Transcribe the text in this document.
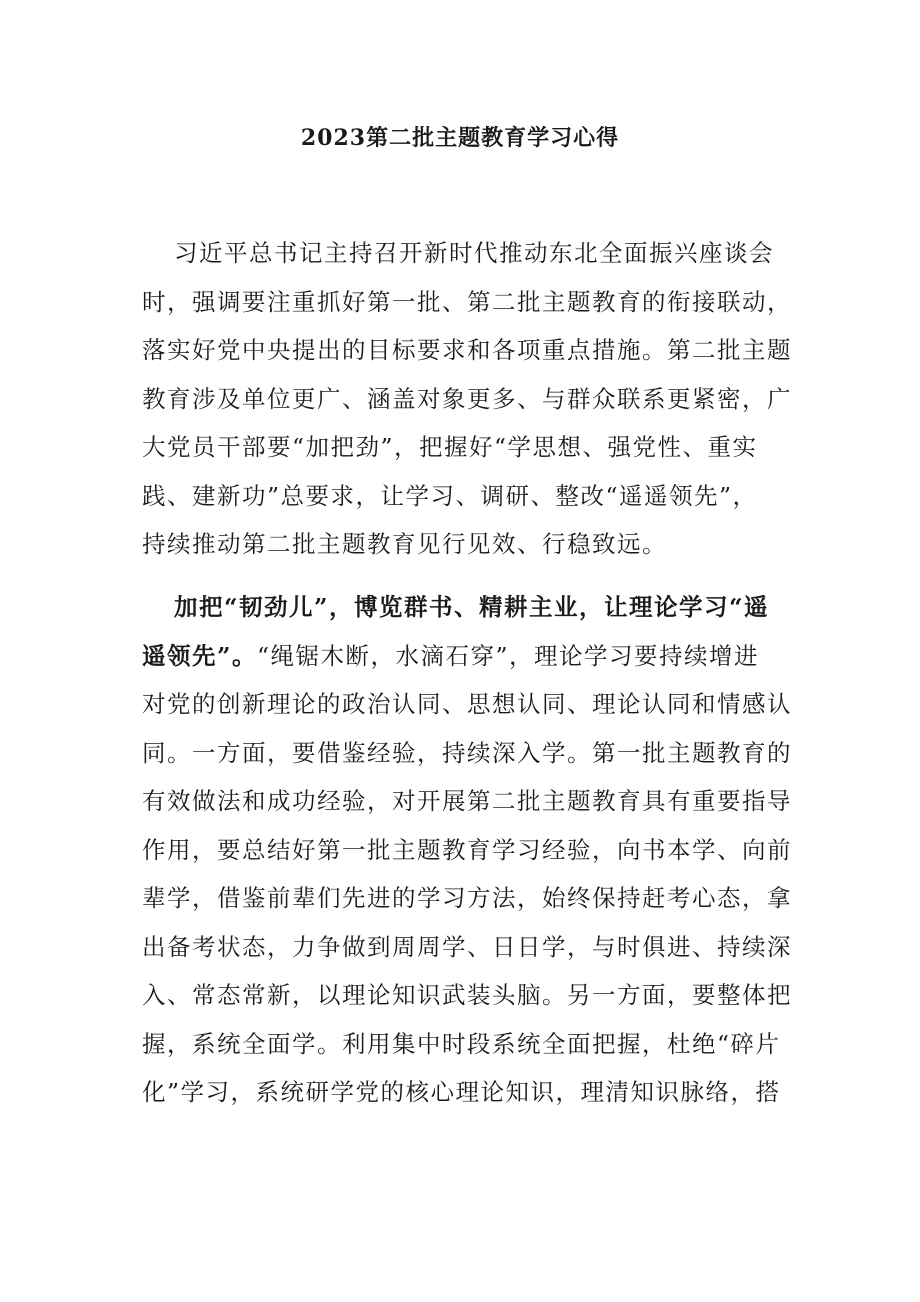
2023第二批主题教育学习心得
习近平总书记主持召开新时代推动东北全面振兴座谈会
时，强调要注重抓好第一批、第二批主题教育的衔接联动，
落实好党中央提出的目标要求和各项重点措施。第二批主题
教育涉及单位更广、涵盖对象更多、与群众联系更紧密，广
大党员干部要“加把劲”，把握好“学思想、强党性、重实
践、建新功”总要求，让学习、调研、整改“遥遥领先”，
持续推动第二批主题教育见行见效、行稳致远。
加把“韧劲儿”，博览群书、精耕主业，让理论学习“遥
遥领先”。“绳锯木断，水滴石穿”，理论学习要持续增进
对党的创新理论的政治认同、思想认同、理论认同和情感认
同。一方面，要借鉴经验，持续深入学。第一批主题教育的
有效做法和成功经验，对开展第二批主题教育具有重要指导
作用，要总结好第一批主题教育学习经验，向书本学、向前
辈学，借鉴前辈们先进的学习方法，始终保持赶考心态，拿
出备考状态，力争做到周周学、日日学，与时俱进、持续深
入、常态常新，以理论知识武装头脑。另一方面，要整体把
握，系统全面学。利用集中时段系统全面把握，杜绝“碎片
化”学习，系统研学党的核心理论知识，理清知识脉络，搭
